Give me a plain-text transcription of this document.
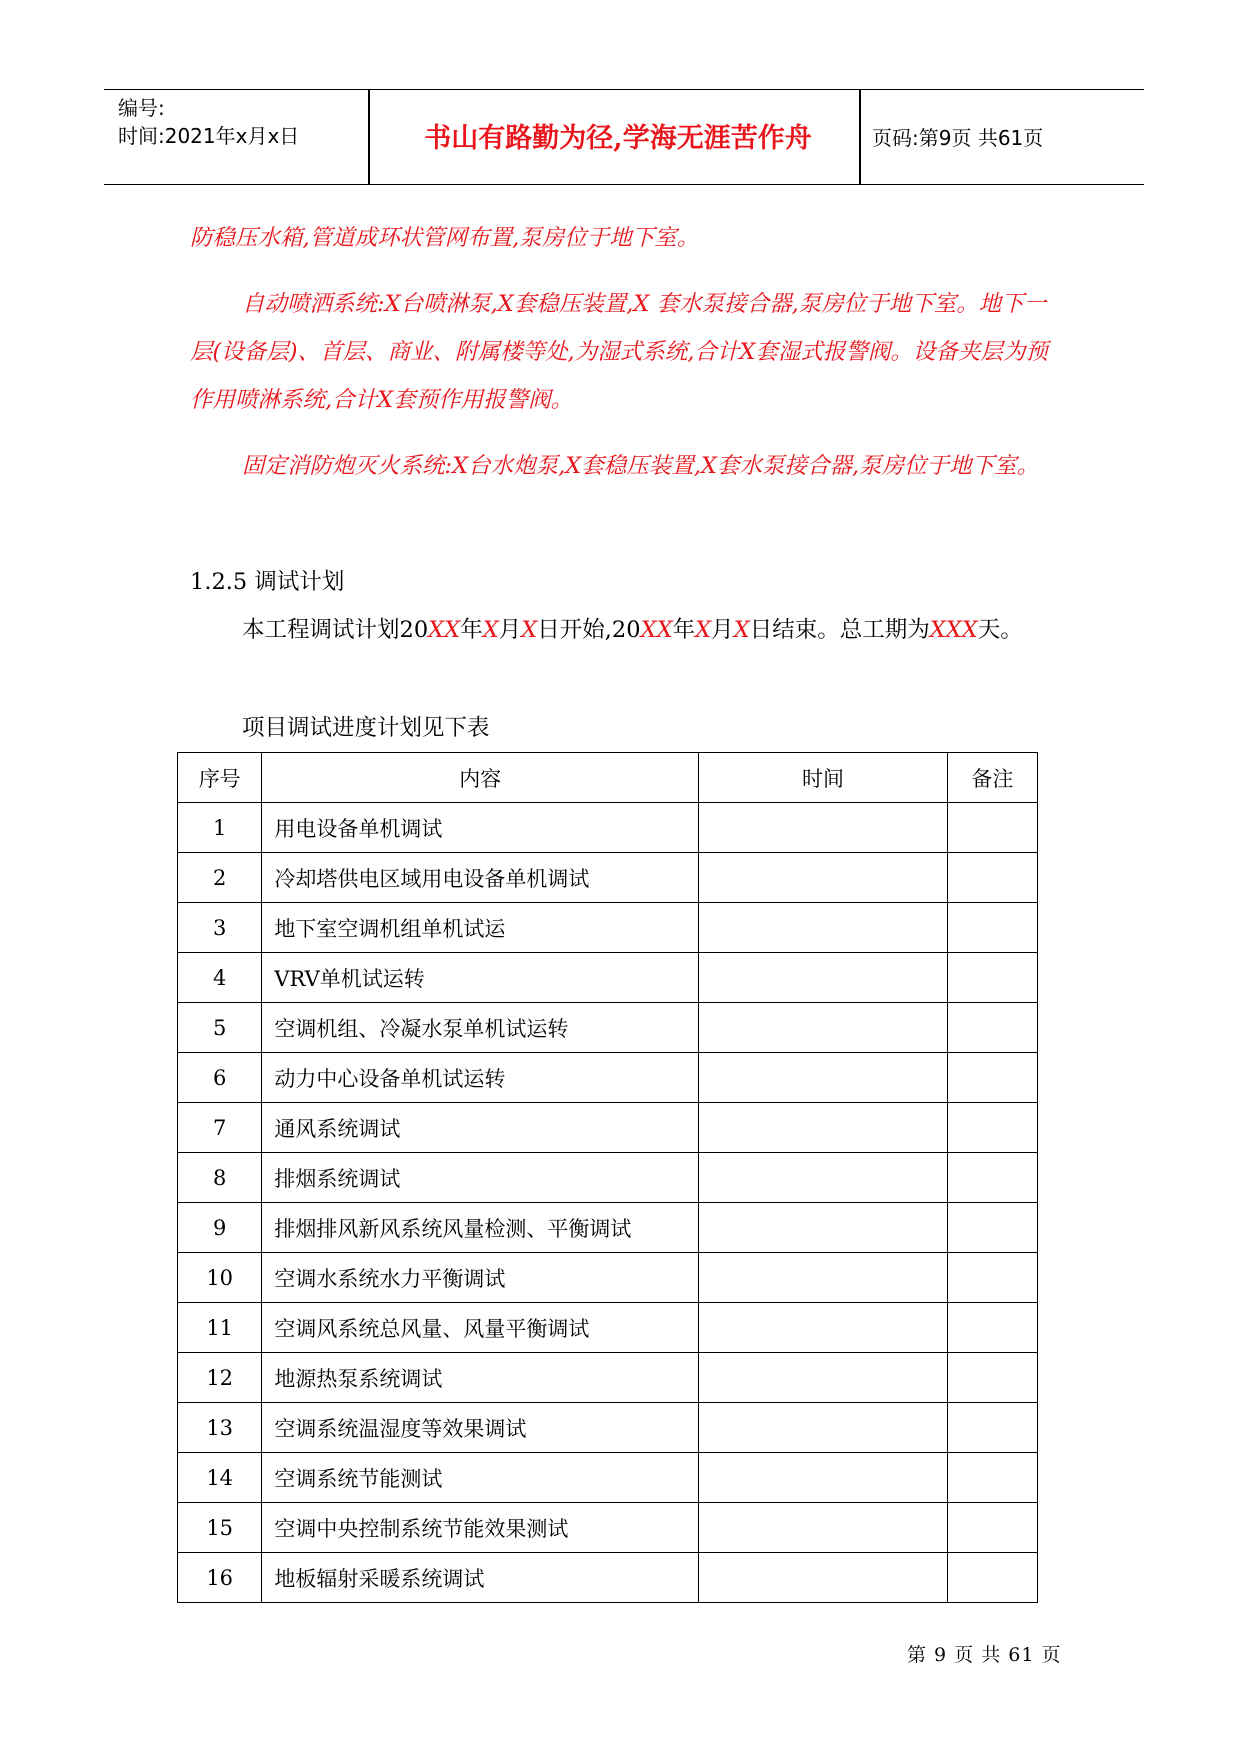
编号:
时间:2021年x月x日	书山有路勤为径,学海无涯苦作舟	页码:第9页 共61页
防稳压水箱,管道成环状管网布置,泵房位于地下室。
自动喷洒系统:X台喷淋泵,X套稳压装置,X 套水泵接合器,泵房位于地下室。地下一层(设备层)、首层、商业、附属楼等处,为湿式系统,合计X套湿式报警阀。设备夹层为预作用喷淋系统,合计X套预作用报警阀。
固定消防炮灭火系统:X台水炮泵,X套稳压装置,X套水泵接合器,泵房位于地下室。
1.2.5 调试计划
本工程调试计划20XX年X月X日开始,20XX年X月X日结束。总工期为XXX天。
项目调试进度计划见下表
序号	内容	时间	备注
1	用电设备单机调试		
2	冷却塔供电区域用电设备单机调试		
3	地下室空调机组单机试运		
4	VRV单机试运转		
5	空调机组、冷凝水泵单机试运转		
6	动力中心设备单机试运转		
7	通风系统调试		
8	排烟系统调试		
9	排烟排风新风系统风量检测、平衡调试		
10	空调水系统水力平衡调试		
11	空调风系统总风量、风量平衡调试		
12	地源热泵系统调试		
13	空调系统温湿度等效果调试		
14	空调系统节能测试		
15	空调中央控制系统节能效果测试		
16	地板辐射采暖系统调试		
第 9 页 共 61 页
